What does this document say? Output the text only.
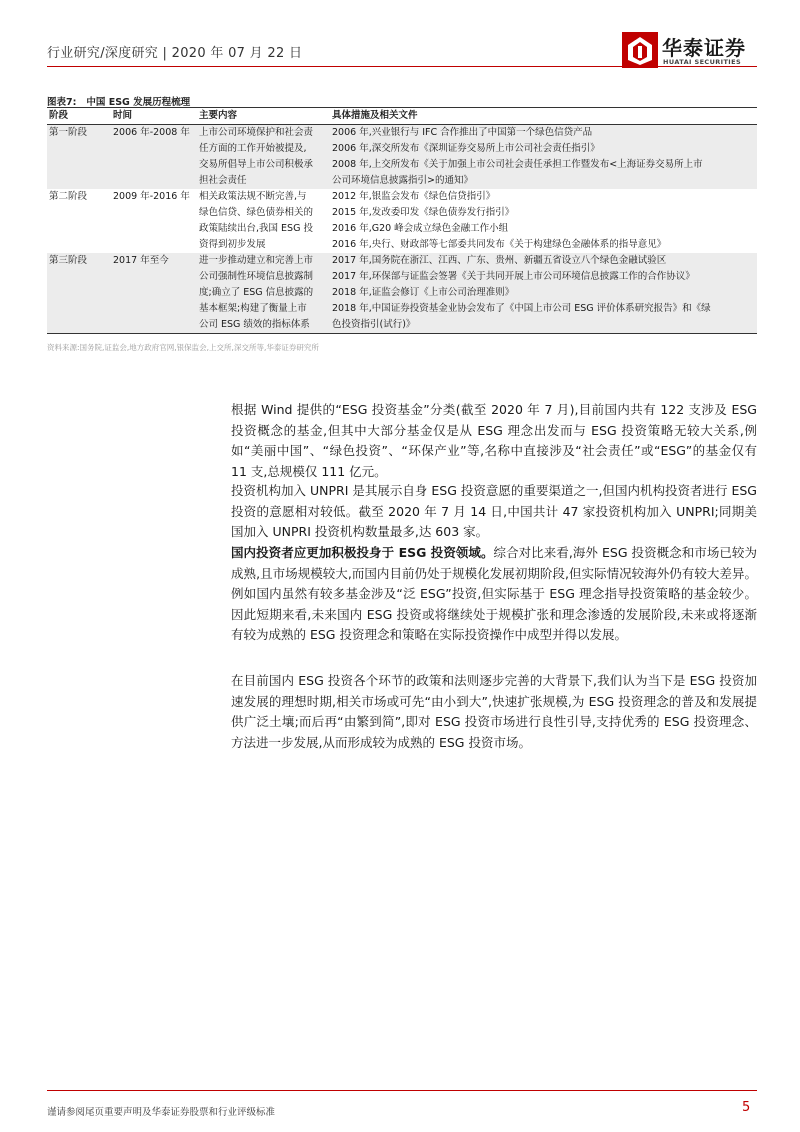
行业研究/深度研究 | 2020 年 07 月 22 日	华泰证券
HUATAI SECURITIES
图表7: 中国 ESG 发展历程梳理
阶段	时间	主要内容	具体措施及相关文件
第一阶段	2006 年-2008 年	上市公司环境保护和社会责
任方面的工作开始被提及,
交易所倡导上市公司积极承
担社会责任	2006 年,兴业银行与 IFC 合作推出了中国第一个绿色信贷产品
2006 年,深交所发布《深圳证券交易所上市公司社会责任指引》
2008 年,上交所发布《关于加强上市公司社会责任承担工作暨发布<上海证券交易所上市
公司环境信息披露指引>的通知》

第二阶段	2009 年-2016 年	相关政策法规不断完善,与
绿色信贷、绿色债券相关的
政策陆续出台,我国 ESG 投
资得到初步发展	2012 年,银监会发布《绿色信贷指引》
2015 年,发改委印发《绿色债券发行指引》
2016 年,G20 峰会成立绿色金融工作小组
2016 年,央行、财政部等七部委共同发布《关于构建绿色金融体系的指导意见》

第三阶段	2017 年至今	进一步推动建立和完善上市
公司强制性环境信息披露制
度;确立了 ESG 信息披露的
基本框架;构建了衡量上市
公司 ESG 绩效的指标体系	2017 年,国务院在浙江、江西、广东、贵州、新疆五省设立八个绿色金融试验区
2017 年,环保部与证监会签署《关于共同开展上市公司环境信息披露工作的合作协议》
2018 年,证监会修订《上市公司治理准则》
2018 年,中国证券投资基金业协会发布了《中国上市公司 ESG 评价体系研究报告》和《绿
色投资指引(试行)》
资料来源:国务院,证监会,地方政府官网,银保监会,上交所,深交所等,华泰证券研究所
根据 Wind 提供的“ESG 投资基金”分类(截至 2020 年 7 月),目前国内共有 122 支涉及 ESG 投资概念的基金,但其中大部分基金仅是从 ESG 理念出发而与 ESG 投资策略无较大关系,例如“美丽中国”、“绿色投资”、“环保产业”等,名称中直接涉及“社会责任”或“ESG”的基金仅有 11 支,总规模仅 111 亿元。
投资机构加入 UNPRI 是其展示自身 ESG 投资意愿的重要渠道之一,但国内机构投资者进行 ESG 投资的意愿相对较低。截至 2020 年 7 月 14 日,中国共计 47 家投资机构加入 UNPRI;同期美国加入 UNPRI 投资机构数量最多,达 603 家。
国内投资者应更加积极投身于 ESG 投资领域。综合对比来看,海外 ESG 投资概念和市场已较为成熟,且市场规模较大,而国内目前仍处于规模化发展初期阶段,但实际情况较海外仍有较大差异。例如国内虽然有较多基金涉及“泛 ESG”投资,但实际基于 ESG 理念指导投资策略的基金较少。因此短期来看,未来国内 ESG 投资或将继续处于规模扩张和理念渗透的发展阶段,未来或将逐渐有较为成熟的 ESG 投资理念和策略在实际投资操作中成型并得以发展。
在目前国内 ESG 投资各个环节的政策和法则逐步完善的大背景下,我们认为当下是 ESG 投资加速发展的理想时期,相关市场或可先“由小到大”,快速扩张规模,为 ESG 投资理念的普及和发展提供广泛土壤;而后再“由繁到简”,即对 ESG 投资市场进行良性引导,支持优秀的 ESG 投资理念、方法进一步发展,从而形成较为成熟的 ESG 投资市场。
谨请参阅尾页重要声明及华泰证券股票和行业评级标准	5
